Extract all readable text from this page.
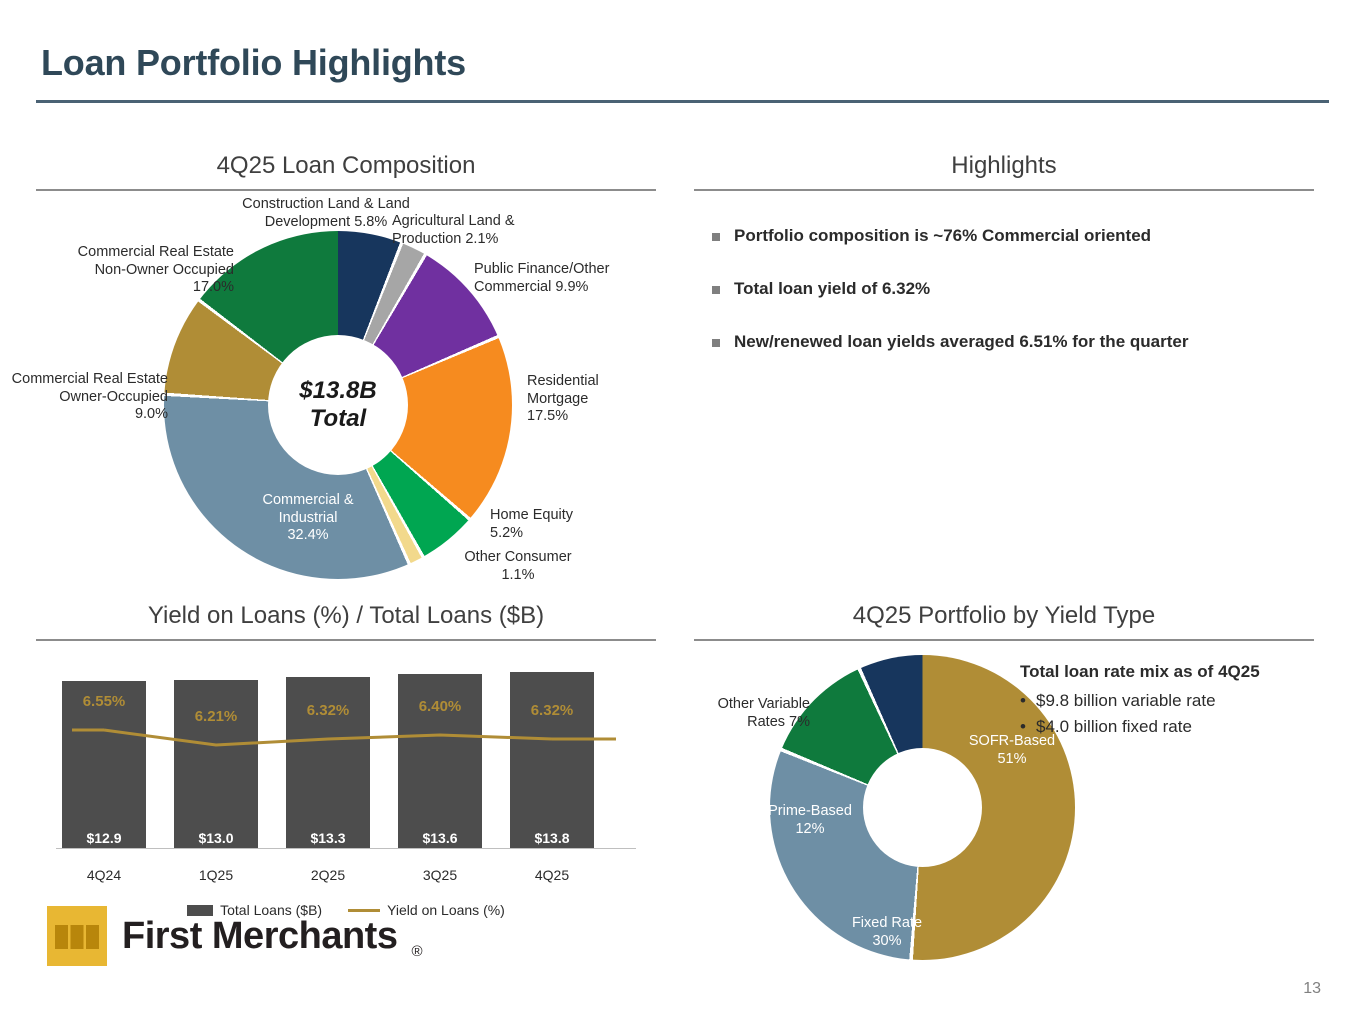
Loan Portfolio Highlights
4Q25 Loan Composition
$13.8B
Total
Construction Land & Land
Development 5.8% Agricultural Land &
Production 2.1%
Public Finance/Other
Commercial 9.9%
Residential
Mortgage
17.5%
Home Equity
5.2%
Other Consumer
1.1%
Commercial &
Industrial
32.4%
Commercial Real Estate
Owner-Occupied
9.0%
Commercial Real Estate
Non-Owner Occupied
17.0%
Highlights
Portfolio composition is ~76% Commercial oriented
Total loan yield of 6.32%
New/renewed loan yields averaged 6.51% for the quarter
Yield on Loans (%) / Total Loans ($B)
6.55%
6.21%	6.32%	6.40%	6.32%
$12.9	$13.0	$13.3	$13.6	$13.8
4Q24	1Q25	2Q25	3Q25	4Q25
Total Loans ($B)	Yield on Loans (%)
4Q25 Portfolio by Yield Type
SOFR-Based
51%
Fixed Rate
30%
Prime-Based
12%
Other Variable
Rates 7%
Total loan rate mix as of 4Q25
• $9.8 billion variable rate
• $4.0 billion fixed rate
First Merchants ®
13
